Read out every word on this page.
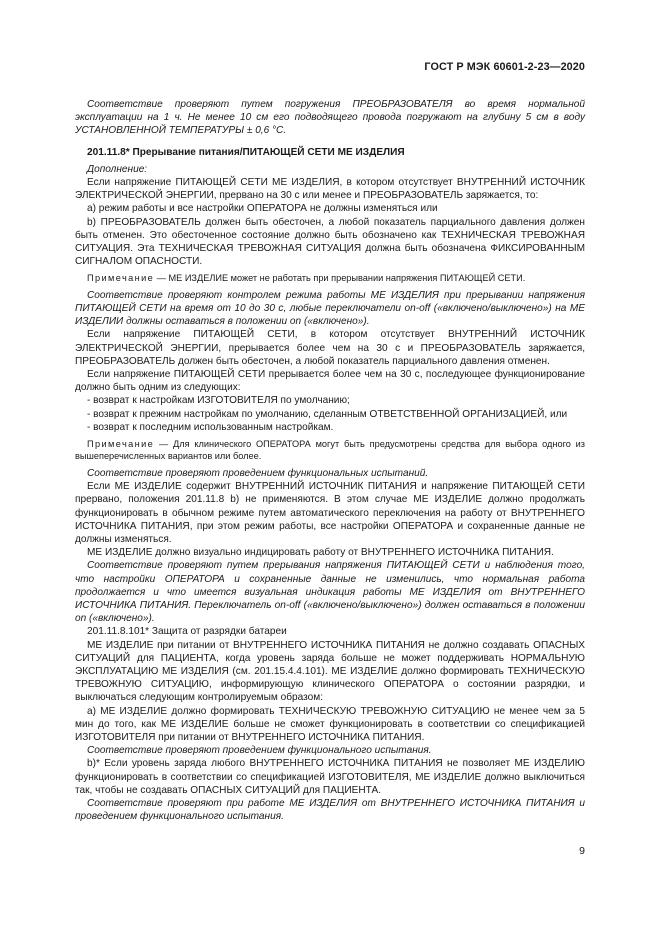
ГОСТ Р МЭК 60601-2-23—2020

Соответствие проверяют путем погружения ПРЕОБРАЗОВАТЕЛЯ во время нормальной эксплуатации на 1 ч. Не менее 10 см его подводящего провода погружают на глубину 5 см в воду УСТАНОВЛЕННОЙ ТЕМПЕРАТУРЫ ± 0,6 °С.

201.11.8* Прерывание питания/ПИТАЮЩЕЙ СЕТИ МЕ ИЗДЕЛИЯ

Дополнение:

Если напряжение ПИТАЮЩЕЙ СЕТИ МЕ ИЗДЕЛИЯ, в котором отсутствует ВНУТРЕННИЙ ИСТОЧНИК ЭЛЕКТРИЧЕСКОЙ ЭНЕРГИИ, прервано на 30 с или менее и ПРЕОБРАЗОВАТЕЛЬ заряжается, то:

a) режим работы и все настройки ОПЕРАТОРА не должны изменяться или

b) ПРЕОБРАЗОВАТЕЛЬ должен быть обесточен, а любой показатель парциального давления должен быть отменен. Это обесточенное состояние должно быть обозначено как ТЕХНИЧЕСКАЯ ТРЕВОЖНАЯ СИТУАЦИЯ. Эта ТЕХНИЧЕСКАЯ ТРЕВОЖНАЯ СИТУАЦИЯ должна быть обозначена ФИКСИРОВАННЫМ СИГНАЛОМ ОПАСНОСТИ.

Примечание — МЕ ИЗДЕЛИЕ может не работать при прерывании напряжения ПИТАЮЩЕЙ СЕТИ.

Соответствие проверяют контролем режима работы МЕ ИЗДЕЛИЯ при прерывании напряжения ПИТАЮЩЕЙ СЕТИ на время от 10 до 30 с, любые переключатели on-off («включено/выключено») на МЕ ИЗДЕЛИИ должны оставаться в положении on («включено»).

Если напряжение ПИТАЮЩЕЙ СЕТИ, в котором отсутствует ВНУТРЕННИЙ ИСТОЧНИК ЭЛЕКТРИЧЕСКОЙ ЭНЕРГИИ, прерывается более чем на 30 с и ПРЕОБРАЗОВАТЕЛЬ заряжается, ПРЕОБРАЗОВАТЕЛЬ должен быть обесточен, а любой показатель парциального давления отменен.

Если напряжение ПИТАЮЩЕЙ СЕТИ прерывается более чем на 30 с, последующее функционирование должно быть одним из следующих:

- возврат к настройкам ИЗГОТОВИТЕЛЯ по умолчанию;

- возврат к прежним настройкам по умолчанию, сделанным ОТВЕТСТВЕННОЙ ОРГАНИЗАЦИЕЙ, или

- возврат к последним использованным настройкам.

Примечание — Для клинического ОПЕРАТОРА могут быть предусмотрены средства для выбора одного из вышеперечисленных вариантов или более.

Соответствие проверяют проведением функциональных испытаний.

Если МЕ ИЗДЕЛИЕ содержит ВНУТРЕННИЙ ИСТОЧНИК ПИТАНИЯ и напряжение ПИТАЮЩЕЙ СЕТИ прервано, положения 201.11.8 b) не применяются. В этом случае МЕ ИЗДЕЛИЕ должно продолжать функционировать в обычном режиме путем автоматического переключения на работу от ВНУТРЕННЕГО ИСТОЧНИКА ПИТАНИЯ, при этом режим работы, все настройки ОПЕРАТОРА и сохраненные данные не должны изменяться.

МЕ ИЗДЕЛИЕ должно визуально индицировать работу от ВНУТРЕННЕГО ИСТОЧНИКА ПИТАНИЯ.

Соответствие проверяют путем прерывания напряжения ПИТАЮЩЕЙ СЕТИ и наблюдения того, что настройки ОПЕРАТОРА и сохраненные данные не изменились, что нормальная работа продолжается и что имеется визуальная индикация работы МЕ ИЗДЕЛИЯ от ВНУТРЕННЕГО ИСТОЧНИКА ПИТАНИЯ. Переключатель on-off («включено/выключено») должен оставаться в положении on («включено»).

201.11.8.101* Защита от разрядки батареи

МЕ ИЗДЕЛИЕ при питании от ВНУТРЕННЕГО ИСТОЧНИКА ПИТАНИЯ не должно создавать ОПАСНЫХ СИТУАЦИЙ для ПАЦИЕНТА, когда уровень заряда больше не может поддерживать НОРМАЛЬНУЮ ЭКСПЛУАТАЦИЮ МЕ ИЗДЕЛИЯ (см. 201.15.4.4.101). МЕ ИЗДЕЛИЕ должно формировать ТЕХНИЧЕСКУЮ ТРЕВОЖНУЮ СИТУАЦИЮ, информирующую клинического ОПЕРАТОРА о состоянии разрядки, и выключаться следующим контролируемым образом:

a) МЕ ИЗДЕЛИЕ должно формировать ТЕХНИЧЕСКУЮ ТРЕВОЖНУЮ СИТУАЦИЮ не менее чем за 5 мин до того, как МЕ ИЗДЕЛИЕ больше не сможет функционировать в соответствии со спецификацией ИЗГОТОВИТЕЛЯ при питании от ВНУТРЕННЕГО ИСТОЧНИКА ПИТАНИЯ.

Соответствие проверяют проведением функционального испытания.

b)* Если уровень заряда любого ВНУТРЕННЕГО ИСТОЧНИКА ПИТАНИЯ не позволяет МЕ ИЗДЕЛИЮ функционировать в соответствии со спецификацией ИЗГОТОВИТЕЛЯ, МЕ ИЗДЕЛИЕ должно выключиться так, чтобы не создавать ОПАСНЫХ СИТУАЦИЙ для ПАЦИЕНТА.

Соответствие проверяют при работе МЕ ИЗДЕЛИЯ от ВНУТРЕННЕГО ИСТОЧНИКА ПИТАНИЯ и проведением функционального испытания.

9
